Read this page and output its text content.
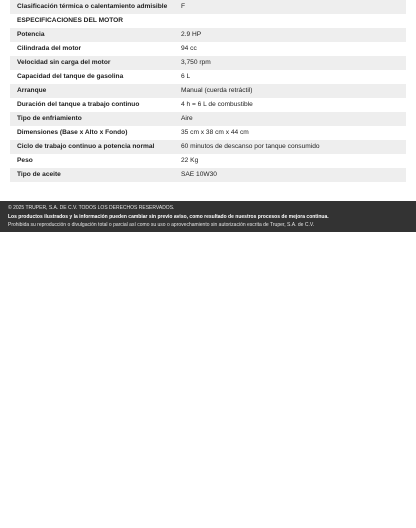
Clasificación térmica o calentamiento admisible	F
ESPECIFICACIONES DEL MOTOR
Potencia	2.9 HP
Cilindrada del motor	94 cc
Velocidad sin carga del motor	3,750 rpm
Capacidad del tanque de gasolina	6 L
Arranque	Manual (cuerda retráctil)
Duración del tanque a trabajo continuo	4 h = 6 L de combustible
Tipo de enfriamiento	Aire
Dimensiones (Base x Alto x Fondo)	35 cm x 38 cm x 44 cm
Ciclo de trabajo continuo a potencia normal	60 minutos de descanso por tanque consumido
Peso	22 Kg
Tipo de aceite	SAE 10W30
© 2025 TRUPER, S.A. DE C.V. TODOS LOS DERECHOS RESERVADOS.
Los productos ilustrados y la información pueden cambiar sin previo aviso, como resultado de nuestros procesos de mejora continua.
Prohibida su reproducción o divulgación total o parcial así como su uso o aprovechamiento sin autorización escrita de Truper, S.A. de C.V.
